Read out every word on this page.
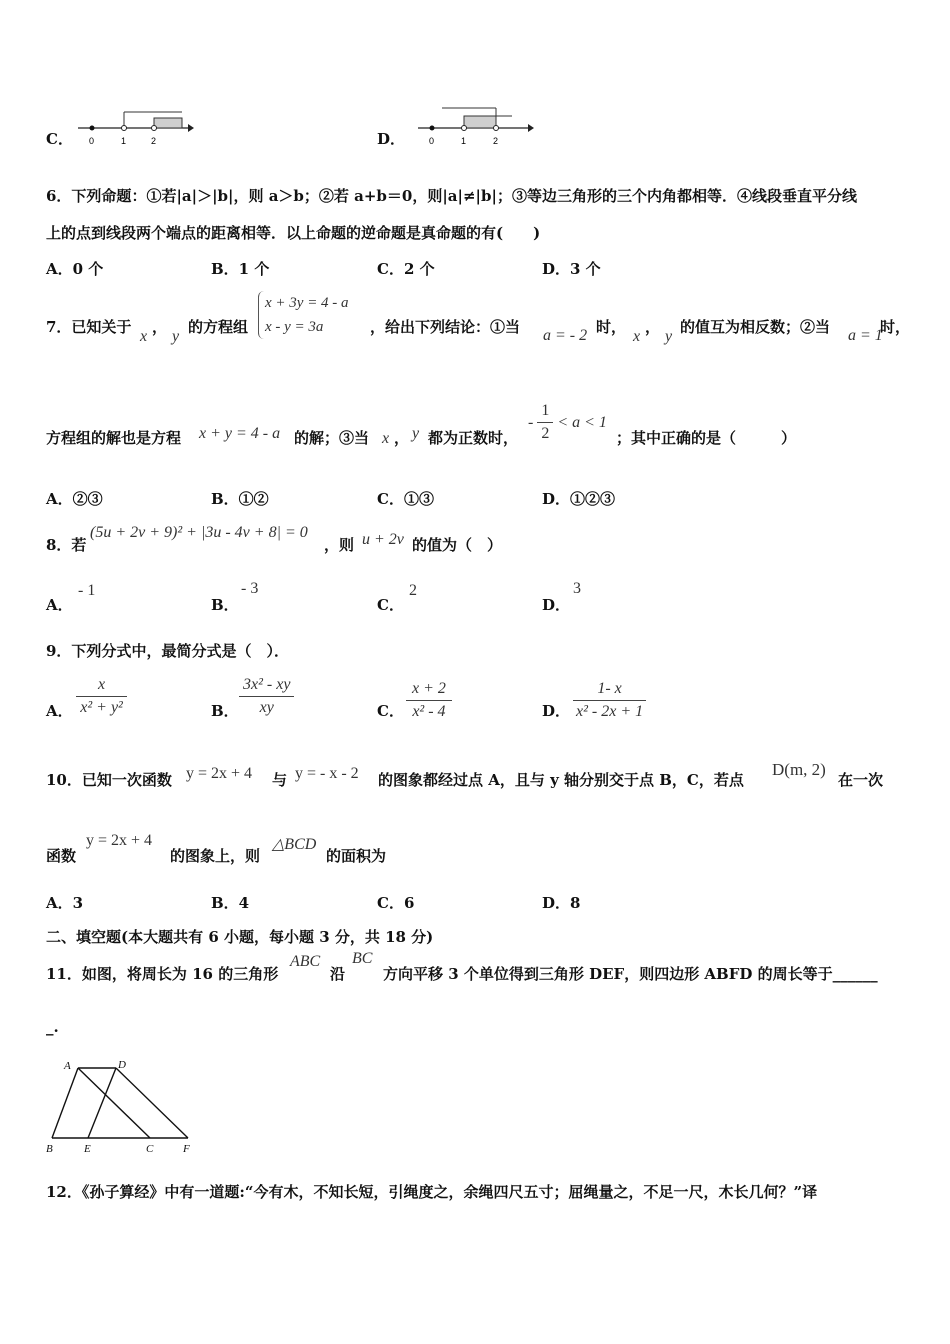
C． 0	1	2	D．	0	1	2
6．下列命题：①若|a|＞|b|，则 a＞b；②若 a+b＝0，则|a|≠|b|；③等边三角形的三个内角都相等．④线段垂直平分线
上的点到线段两个端点的距离相等．以上命题的逆命题是真命题的有(　　)
A．0 个	B．1 个	C．2 个	D．3 个
7．已知关于
x
，
y
的方程组
x + 3y = 4 - a
x - y = 3a	，给出下列结论：①当 a = - 2 时，
x
，
y
的值互为相反数；②当 a = 1
时，
方程组的解也是方程 x + y = 4 - a 的解；③当 x ， y 都为正数时，
- $\frac{1}{2} < a < 1$
；其中正确的是（　　　）
A．②③	B．①②	C．①③	D．①②③
8．若
(5u + 2v + 9)² + |3u - 4v + 8| = 0
，则 u + 2v 的值为（　）
A．
- 1
B．
- 3
C．
2
D．
3
9．下列分式中，最简分式是（　）．
A． $\frac{x}{\text{x² + y²}}$	B． $\frac{\text{3x² - xy}}{xy}$	C． $\frac{x + 2}{\text{x² - 4}}$	D． $\frac{1- x}{\text{x² - 2x + 1}}$
10．已知一次函数 y = 2x + 4 与 y = - x - 2 的图象都经过点 A，且与 y 轴分别交于点 B，C，若点
D(m, 2)
在一次
函数
y = 2x + 4
的图象上，则
△BCD
的面积为
A．3	B．4	C．6	D．8
二、填空题(本大题共有 6 小题，每小题 3 分，共 18 分)
11．如图，将周长为 16 的三角形
ABC
沿
BC
方向平移 3 个单位得到三角形 DEF，则四边形 ABFD 的周长等于______
_.
A	D
B	E	C	F
12．《孙子算经》中有一道题:“今有木，不知长短，引绳度之，余绳四尺五寸；屈绳量之，不足一尺，木长几何？”译
